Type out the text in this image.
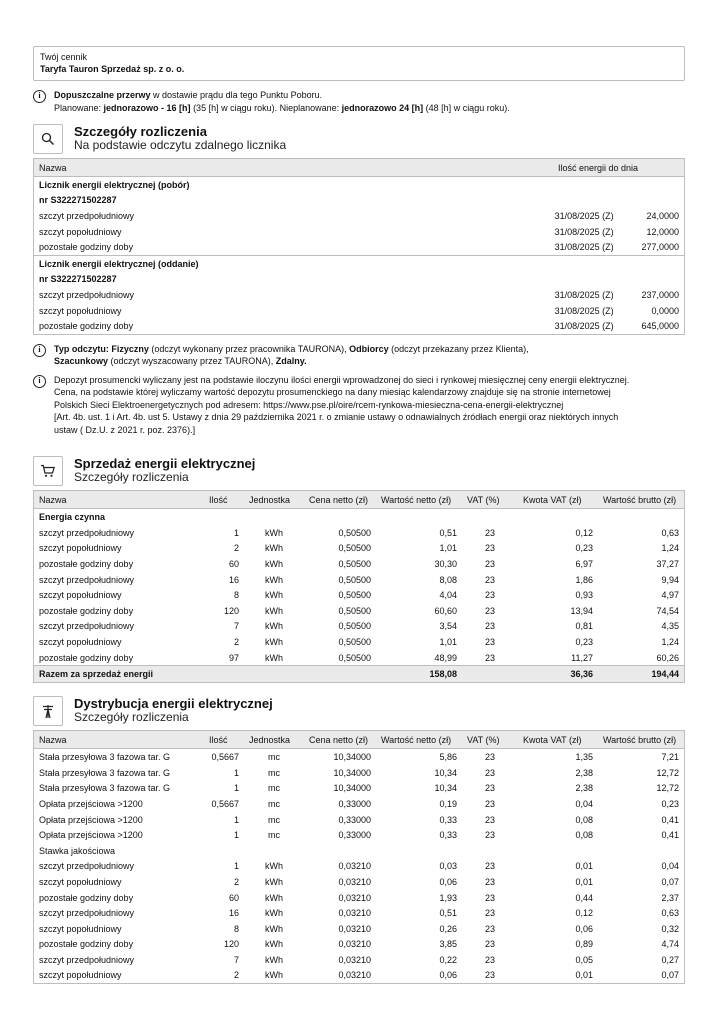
Twój cennik
Taryfa Tauron Sprzedaż sp. z o. o.
i	Dopuszczalne przerwy w dostawie prądu dla tego Punktu Poboru.
Planowane: jednorazowo - 16 [h] (35 [h] w ciągu roku). Nieplanowane: jednorazowo 24 [h] (48 [h] w ciągu roku).
Szczegóły rozliczenia
Na podstawie odczytu zdalnego licznika
Nazwa	Ilość energii do dnia	
Licznik energii elektrycznej (pobór)		
nr S322271502287		
szczyt przedpołudniowy	31/08/2025 (Z)	24,0000
szczyt popołudniowy	31/08/2025 (Z)	12,0000
pozostałe godziny doby	31/08/2025 (Z)	277,0000
Licznik energii elektrycznej (oddanie)		
nr S322271502287		
szczyt przedpołudniowy	31/08/2025 (Z)	237,0000
szczyt popołudniowy	31/08/2025 (Z)	0,0000
pozostałe godziny doby	31/08/2025 (Z)	645,0000
i	Typ odczytu: Fizyczny (odczyt wykonany przez pracownika TAURONA), Odbiorcy (odczyt przekazany przez Klienta),
Szacunkowy (odczyt wyszacowany przez TAURONA), Zdalny.
i	Depozyt prosumencki wyliczany jest na podstawie iloczynu ilości energii wprowadzonej do sieci i rynkowej miesięcznej ceny energii elektrycznej.
Cena, na podstawie której wyliczamy wartość depozytu prosumenckiego na dany miesiąc kalendarzowy znajduje się na stronie internetowej
Polskich Sieci Elektroenergetycznych pod adresem: https://www.pse.pl/oire/rcem-rynkowa-miesieczna-cena-energii-elektrycznej
[Art. 4b. ust. 1 i Art. 4b. ust 5. Ustawy z dnia 29 października 2021 r. o zmianie ustawy o odnawialnych źródłach energii oraz niektórych innych
ustaw ( Dz.U. z 2021 r. poz. 2376).]
Sprzedaż energii elektrycznej
Szczegóły rozliczenia
Nazwa	Ilość	Jednostka	Cena netto (zł)	Wartość netto (zł)	VAT (%)	Kwota VAT (zł)	Wartość brutto (zł)
Energia czynna							
szczyt przedpołudniowy	1	kWh	0,50500	0,51	23	0,12	0,63
szczyt popołudniowy	2	kWh	0,50500	1,01	23	0,23	1,24
pozostałe godziny doby	60	kWh	0,50500	30,30	23	6,97	37,27
szczyt przedpołudniowy	16	kWh	0,50500	8,08	23	1,86	9,94
szczyt popołudniowy	8	kWh	0,50500	4,04	23	0,93	4,97
pozostałe godziny doby	120	kWh	0,50500	60,60	23	13,94	74,54
szczyt przedpołudniowy	7	kWh	0,50500	3,54	23	0,81	4,35
szczyt popołudniowy	2	kWh	0,50500	1,01	23	0,23	1,24
pozostałe godziny doby	97	kWh	0,50500	48,99	23	11,27	60,26
Razem za sprzedaż energii				158,08		36,36	194,44
Dystrybucja energii elektrycznej
Szczegóły rozliczenia
Nazwa	Ilość	Jednostka	Cena netto (zł)	Wartość netto (zł)	VAT (%)	Kwota VAT (zł)	Wartość brutto (zł)
Stała przesyłowa 3 fazowa tar. G	0,5667	mc	10,34000	5,86	23	1,35	7,21
Stała przesyłowa 3 fazowa tar. G	1	mc	10,34000	10,34	23	2,38	12,72
Stała przesyłowa 3 fazowa tar. G	1	mc	10,34000	10,34	23	2,38	12,72
Opłata przejściowa >1200	0,5667	mc	0,33000	0,19	23	0,04	0,23
Opłata przejściowa >1200	1	mc	0,33000	0,33	23	0,08	0,41
Opłata przejściowa >1200	1	mc	0,33000	0,33	23	0,08	0,41
Stawka jakościowa							
szczyt przedpołudniowy	1	kWh	0,03210	0,03	23	0,01	0,04
szczyt popołudniowy	2	kWh	0,03210	0,06	23	0,01	0,07
pozostałe godziny doby	60	kWh	0,03210	1,93	23	0,44	2,37
szczyt przedpołudniowy	16	kWh	0,03210	0,51	23	0,12	0,63
szczyt popołudniowy	8	kWh	0,03210	0,26	23	0,06	0,32
pozostałe godziny doby	120	kWh	0,03210	3,85	23	0,89	4,74
szczyt przedpołudniowy	7	kWh	0,03210	0,22	23	0,05	0,27
szczyt popołudniowy	2	kWh	0,03210	0,06	23	0,01	0,07
